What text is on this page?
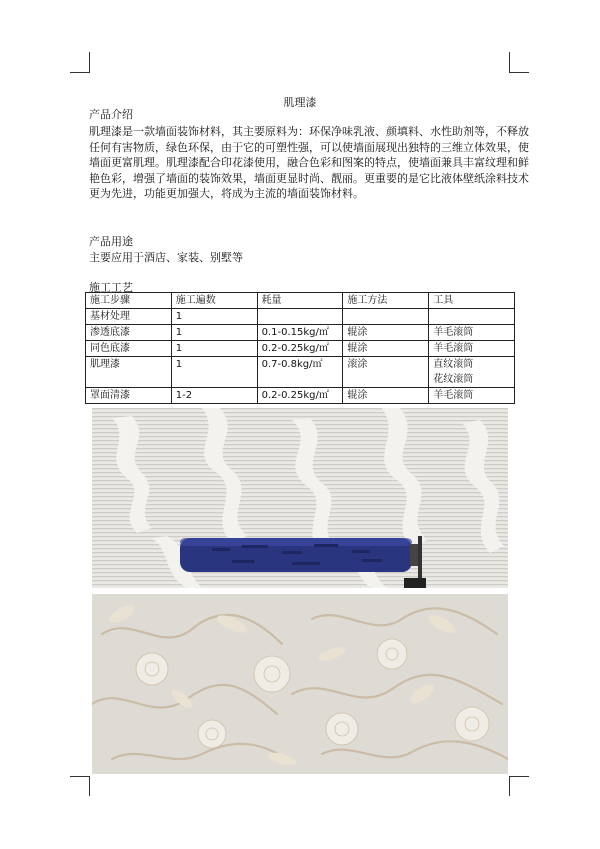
肌理漆
产品介绍

肌理漆是一款墙面装饰材料，其主要原料为：环保净味乳液、颜填料、水性助剂等，不释放
任何有害物质，绿色环保，由于它的可塑性强，可以使墙面展现出独特的三维立体效果，使
墙面更富肌理。肌理漆配合印花漆使用，融合色彩和图案的特点，使墙面兼具丰富纹理和鲜
艳色彩，增强了墙面的装饰效果，墙面更显时尚、靓丽。更重要的是它比液体壁纸涂料技术
更为先进，功能更加强大，将成为主流的墙面装饰材料。

产品用途
主要应用于酒店、家装、别墅等
施工工艺
施工步骤	施工遍数	耗量	施工方法	工具
基材处理	1			
渗透底漆	1	0.1-0.15kg/㎡	辊涂	羊毛滚筒
同色底漆	1	0.2-0.25kg/㎡	辊涂	羊毛滚筒
肌理漆	1	0.7-0.8kg/㎡	滚涂	直纹滚筒
				花纹滚筒
罩面清漆	1-2	0.2-0.25kg/㎡	辊涂	羊毛滚筒
